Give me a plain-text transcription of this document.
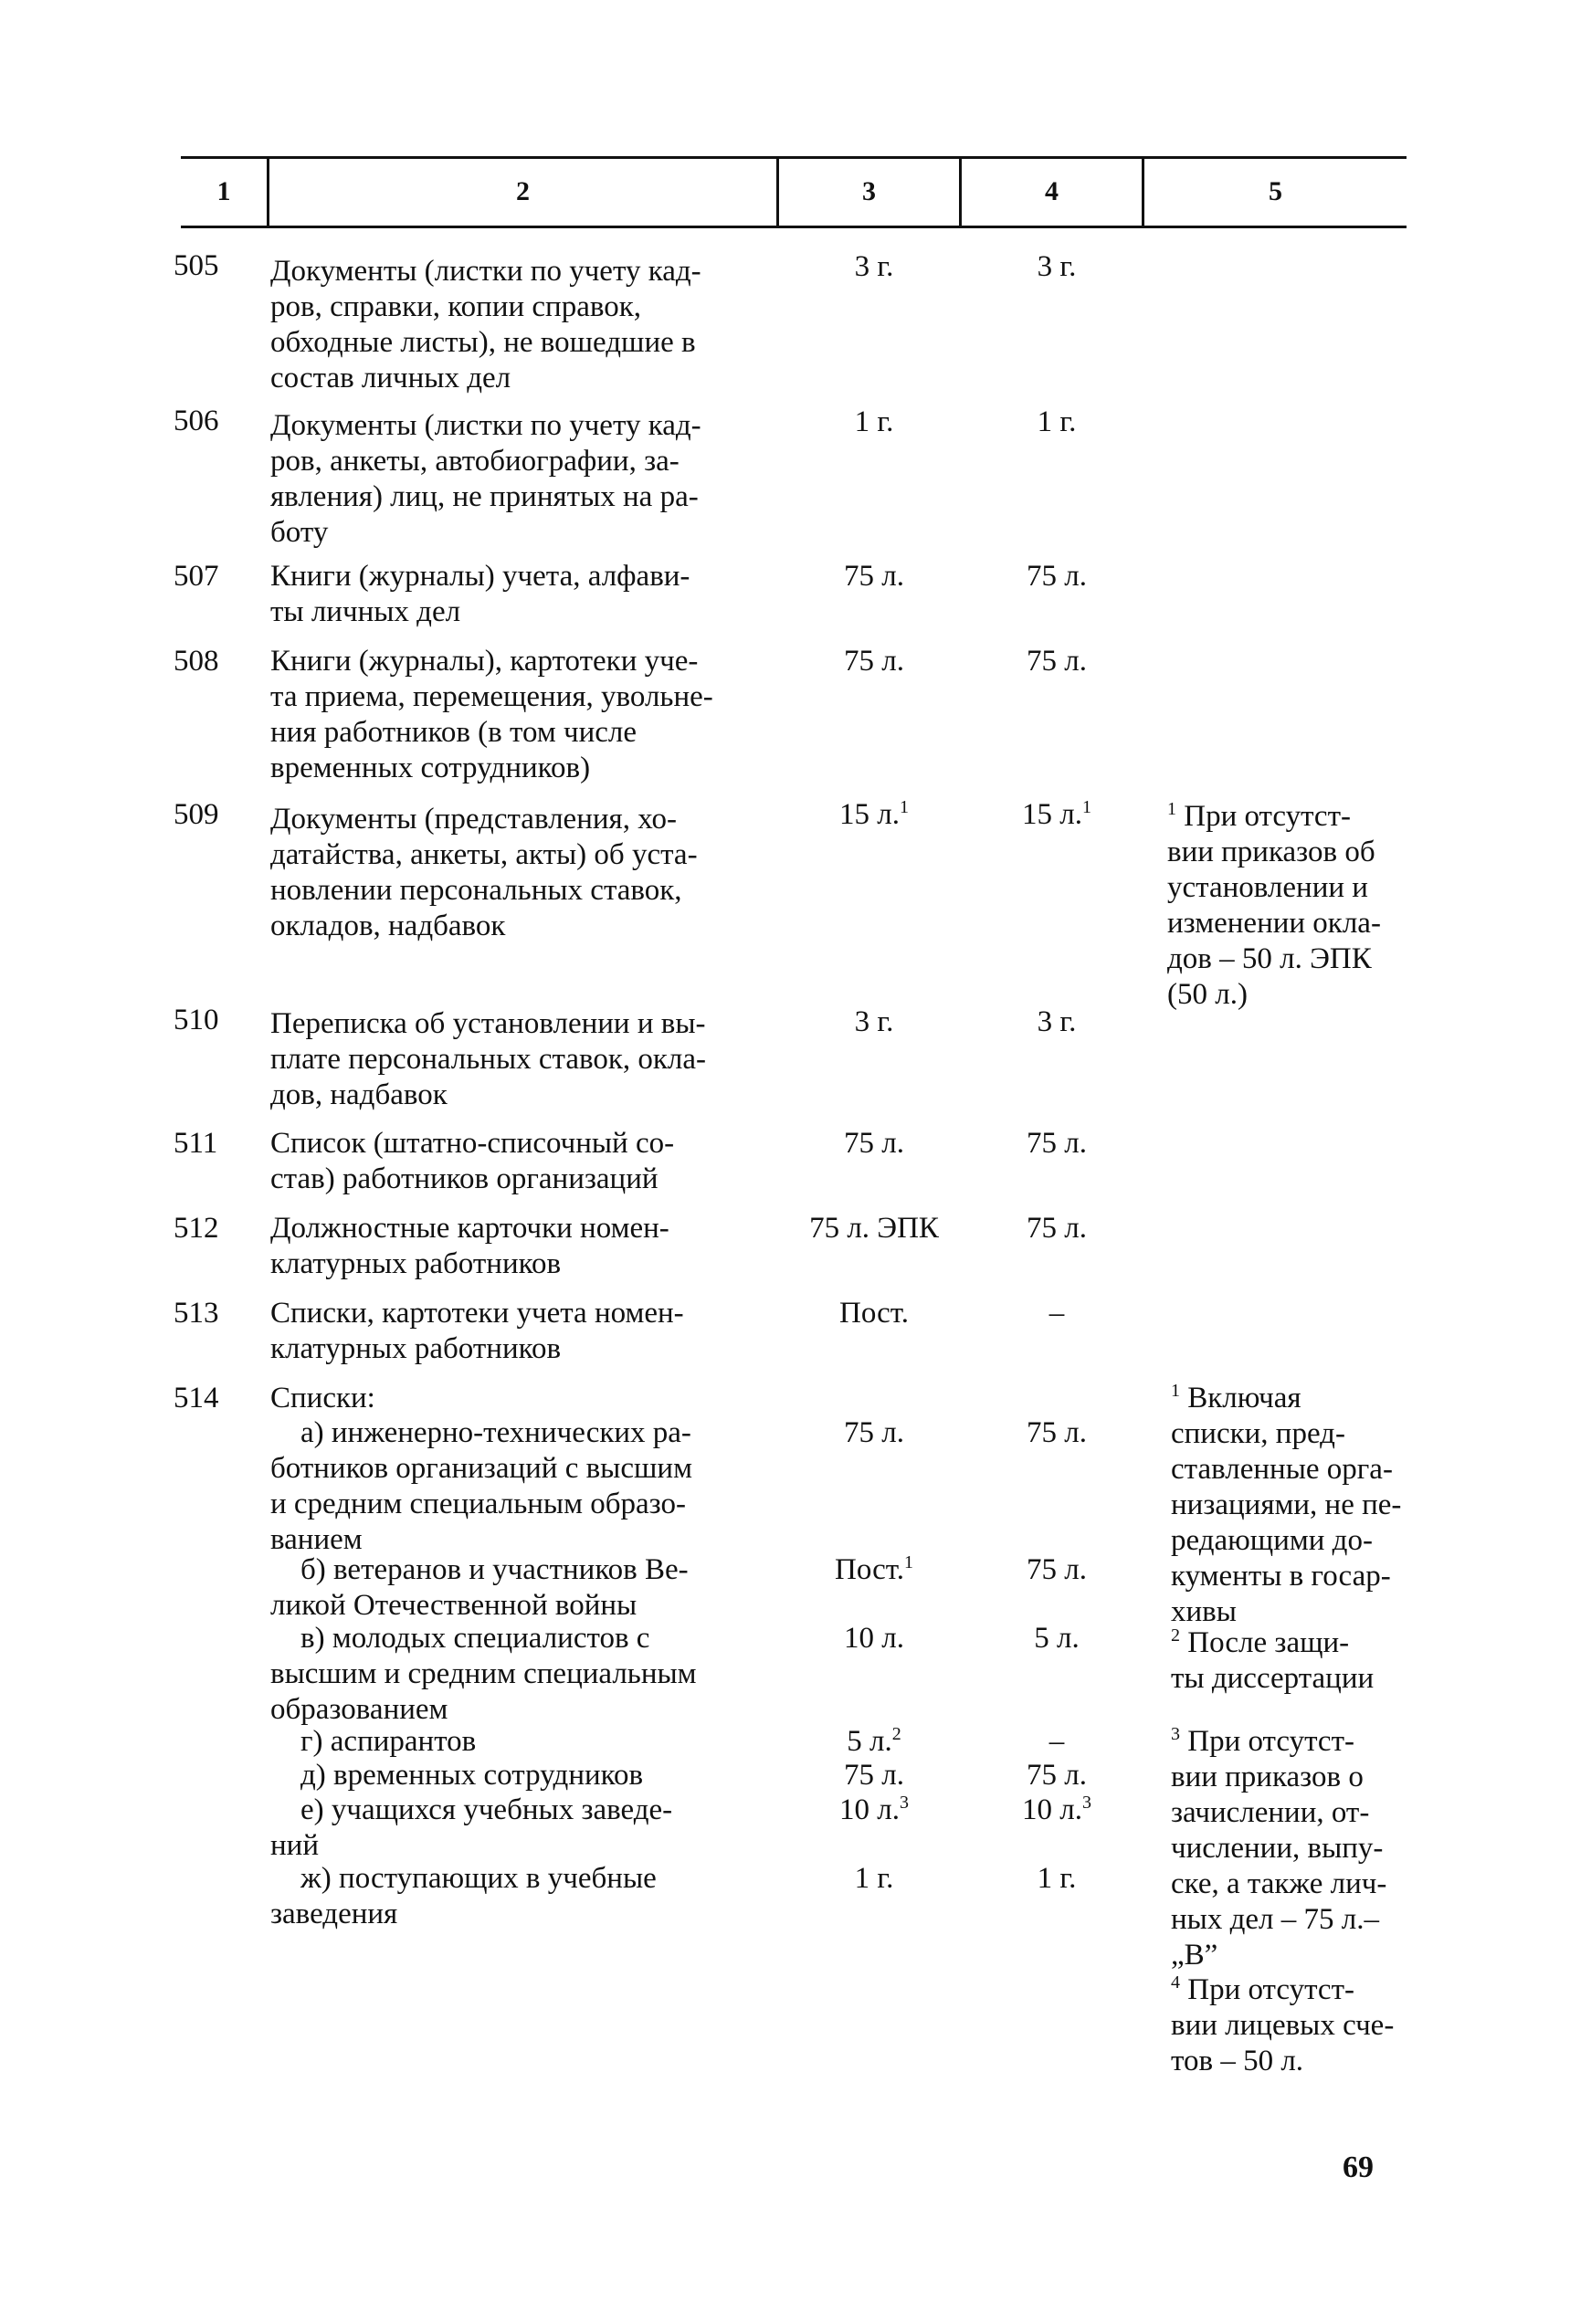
1	2	3	4	5
505	Документы (листки по учету кад-
ров, справки, копии справок,
обходные листы), не вошедшие в
состав личных дел
3 г.	3 г.
506	Документы (листки по учету кад-
ров, анкеты, автобиографии, за-
явления) лиц, не принятых на ра-
боту
1 г.	1 г.
507	Книги (журналы) учета, алфави-
ты личных дел
75 л.	75 л.
508	Книги (журналы), картотеки уче-
та приема, перемещения, увольне-
ния работников (в том числе
временных сотрудников)
75 л.	75 л.
509	Документы (представления, хо-
датайства, анкеты, акты) об уста-
новлении персональных ставок,
окладов, надбавок
15 л.$^1$	15 л.$^1$	$^1$ При отсутст-
вии приказов об
установлении и
изменении окла-
дов – 50 л. ЭПК
(50 л.)
510	Переписка об установлении и вы-
плате персональных ставок, окла-
дов, надбавок
3 г.	3 г.
511	Список (штатно-списочный со-
став) работников организаций
75 л.	75 л.
512	Должностные карточки номен-
клатурных работников
75 л. ЭПК	75 л.
513	Списки, картотеки учета номен-
клатурных работников
Пост.	–
514	Списки:
а) инженерно-технических ра-
ботников организаций с высшим
и средним специальным образо-
ванием
75 л.	75 л.
б) ветеранов и участников Ве-
ликой Отечественной войны
Пост.$^1$	75 л.
в) молодых специалистов с
высшим и средним специальным
образованием
10 л.	5 л.
г) аспирантов	5 л.$^2$	–
д) временных сотрудников	75 л.	75 л.
е) учащихся учебных заведе-
ний
10 л.$^3$	10 л.$^3$
ж) поступающих в учебные
заведения
1 г.	1 г.
$^1$ Включая
списки, пред-
ставленные орга-
низациями, не пе-
редающими до-
кументы в госар-
хивы
$^2$ После защи-
ты диссертации
$^3$ При отсутст-
вии приказов о
зачислении, от-
числении, выпу-
ске, а также лич-
ных дел – 75 л.–
„В”
$^4$ При отсутст-
вии лицевых сче-
тов – 50 л.
69
